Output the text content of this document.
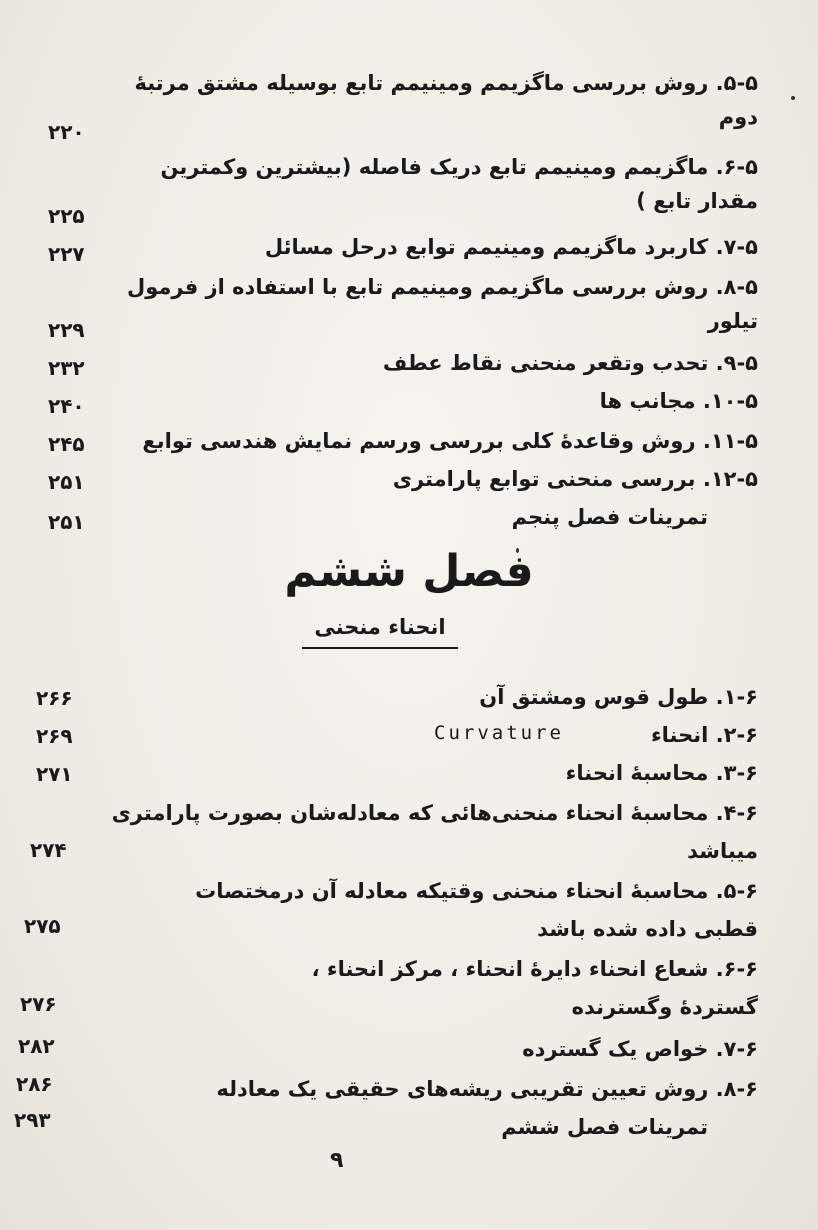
۵-۵. روش بررسی ماگزیمم ومینیمم تابع بوسیله مشتق مرتبهٔ
دوم
۲۲۰
۶-۵. ماگزیمم ومینیمم تابع دریک فاصله (بیشترین وکمترین
مقدار تابع )
۲۲۵
۷-۵. کاربرد ماگزیمم ومینیمم توابع درحل مسائل
۲۲۷
۸-۵. روش بررسی ماگزیمم ومینیمم تابع با استفاده از فرمول
تیلور
۲۲۹
۹-۵. تحدب وتقعر منحنی نقاط عطف
۲۳۲
۱۰-۵. مجانب ها
۲۴۰
۱۱-۵. روش وقاعدهٔ کلی بررسی ورسم نمایش هندسی توابع
۲۴۵
۱۲-۵. بررسی منحنی توابع پارامتری
۲۵۱
تمرینات فصل پنجم
۲۵۱
فصل ششم
انحناء منحنی
۱-۶. طول قوس ومشتق آن
۲۶۶
۲-۶. انحناء
Curvature
۲۶۹
۳-۶. محاسبهٔ انحناء
۲۷۱
۴-۶. محاسبهٔ انحناء منحنی‌هائی که معادله‌شان بصورت پارامتری
میباشد
۲۷۴
۵-۶. محاسبهٔ انحناء منحنی وقتیکه معادله آن درمختصات
قطبی داده شده باشد
۲۷۵
۶-۶. شعاع انحناء دایرهٔ انحناء ، مرکز انحناء ،
گستردهٔ وگسترنده
۲۷۶
۷-۶. خواص یک گسترده
۲۸۲
۸-۶. روش تعیین تقریبی ریشه‌های حقیقی یک معادله
۲۸۶
تمرینات فصل ششم
۲۹۳
۹
